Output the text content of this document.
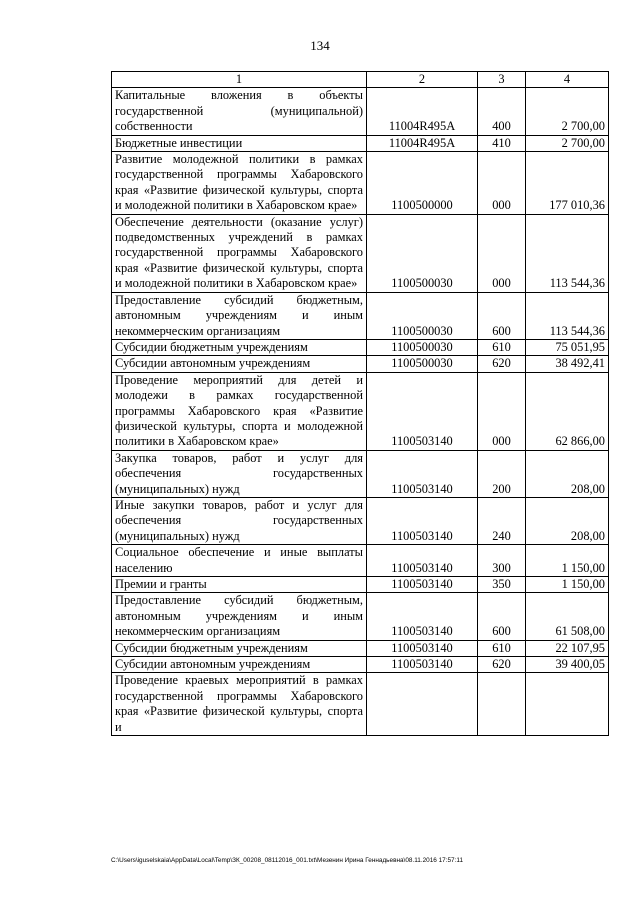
134
1	2	3	4
Капитальные вложения в объекты государственной (муниципальной) собственности	11004R495A	400	2 700,00
Бюджетные инвестиции	11004R495A	410	2 700,00
Развитие молодежной политики в рамках государственной программы Хабаровского края «Развитие физической культуры, спорта и молодежной политики в Хабаровском крае»	1100500000	000	177 010,36
Обеспечение деятельности (оказание услуг) подведомственных учреждений в рамках государственной программы Хабаровского края «Развитие физической культуры, спорта и молодежной политики в Хабаровском крае»	1100500030	000	113 544,36
Предоставление субсидий бюджетным, автономным учреждениям и иным некоммерческим организациям	1100500030	600	113 544,36
Субсидии бюджетным учреждениям	1100500030	610	75 051,95
Субсидии автономным учреждениям	1100500030	620	38 492,41
Проведение мероприятий для детей и молодежи в рамках государственной программы Хабаровского края «Развитие физической культуры, спорта и молодежной политики в Хабаровском крае»	1100503140	000	62 866,00
Закупка товаров, работ и услуг для обеспечения государственных (муниципальных) нужд	1100503140	200	208,00
Иные закупки товаров, работ и услуг для обеспечения государственных (муниципальных) нужд	1100503140	240	208,00
Социальное обеспечение и иные выплаты населению	1100503140	300	1 150,00
Премии и гранты	1100503140	350	1 150,00
Предоставление субсидий бюджетным, автономным учреждениям и иным некоммерческим организациям	1100503140	600	61 508,00
Субсидии бюджетным учреждениям	1100503140	610	22 107,95
Субсидии автономным учреждениям	1100503140	620	39 400,05
Проведение краевых мероприятий в рамках государственной программы Хабаровского края «Развитие физической культуры, спорта и			
C:\Users\iguselskaia\AppData\Local\Temp\ЗК_00208_08112016_001.txt\Мезенин Ирина Геннадьевна\08.11.2016 17:57:11
